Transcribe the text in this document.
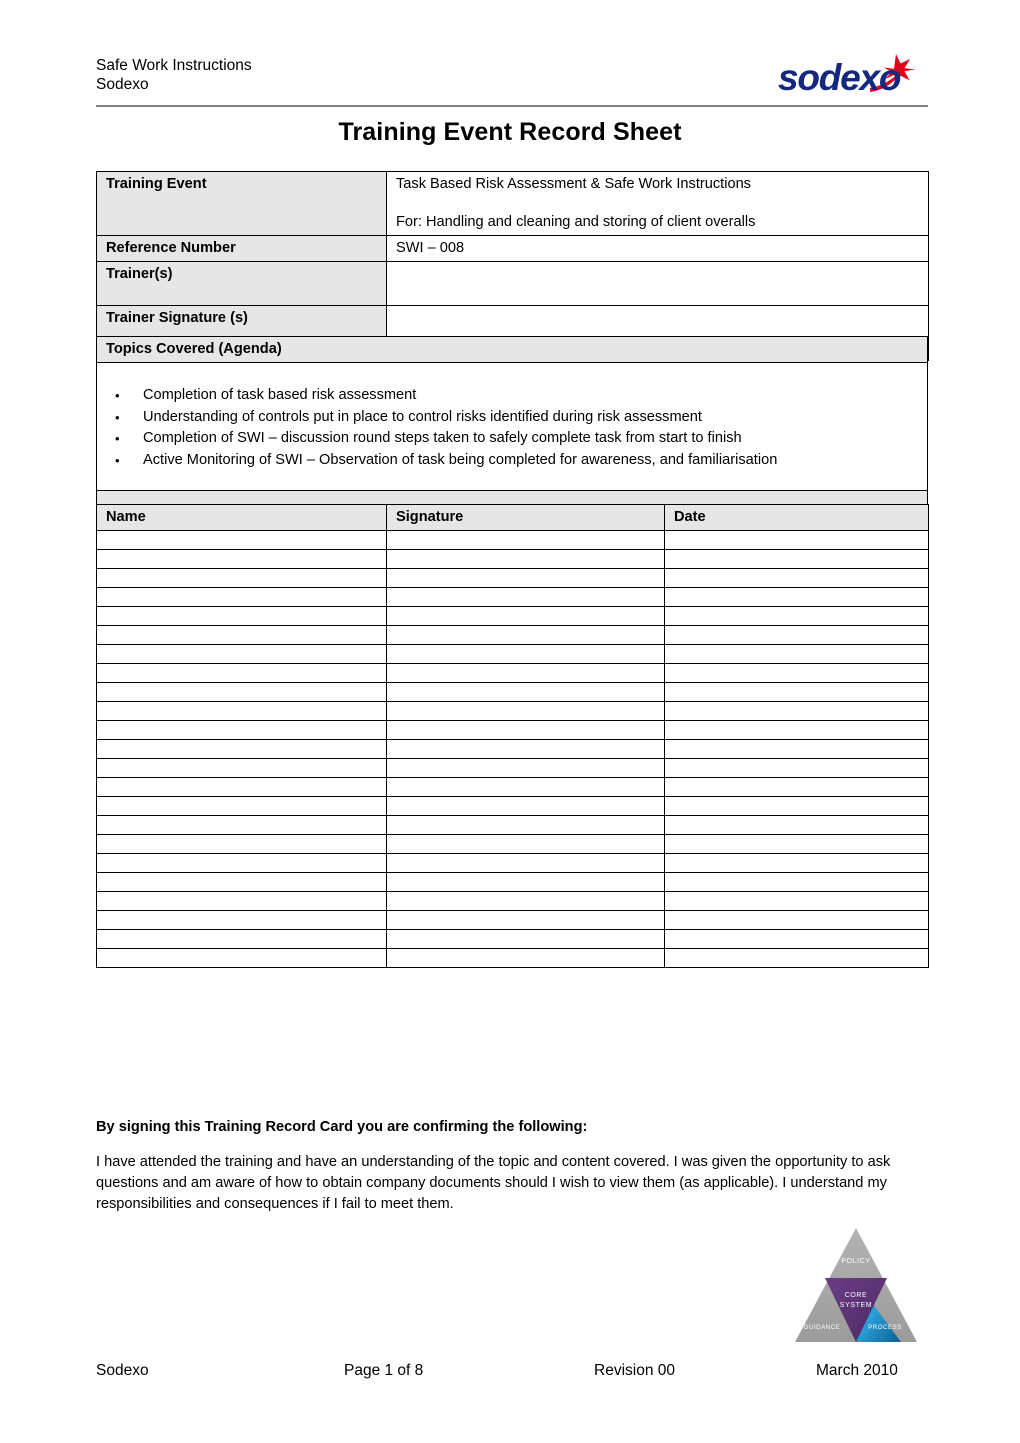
Safe Work Instructions
Sodexo	sodexo
Training Event Record Sheet
Training Event	Task Based Risk Assessment & Safe Work Instructions
For: Handling and cleaning and storing of client overalls

Reference Number	SWI – 008
Trainer(s)	
Trainer Signature (s)	
Topics Covered (Agenda)

• Completion of task based risk assessment
• Understanding of controls put in place to control risks identified during risk assessment
• Completion of SWI – discussion round steps taken to safely complete task from start to finish
• Active Monitoring of SWI – Observation of task being completed for awareness, and familiarisation

Name	Signature	Date

By signing this Training Record Card you are confirming the following:
I have attended the training and have an understanding of the topic and content covered. I was given the opportunity to ask questions and am aware of how to obtain company documents should I wish to view them (as applicable). I understand my responsibilities and consequences if I fail to meet them.
POLICY
CORE
SYSTEM
GUIDANCE	PROCESS
Sodexo	Page 1 of 8	Revision 00	March 2010
